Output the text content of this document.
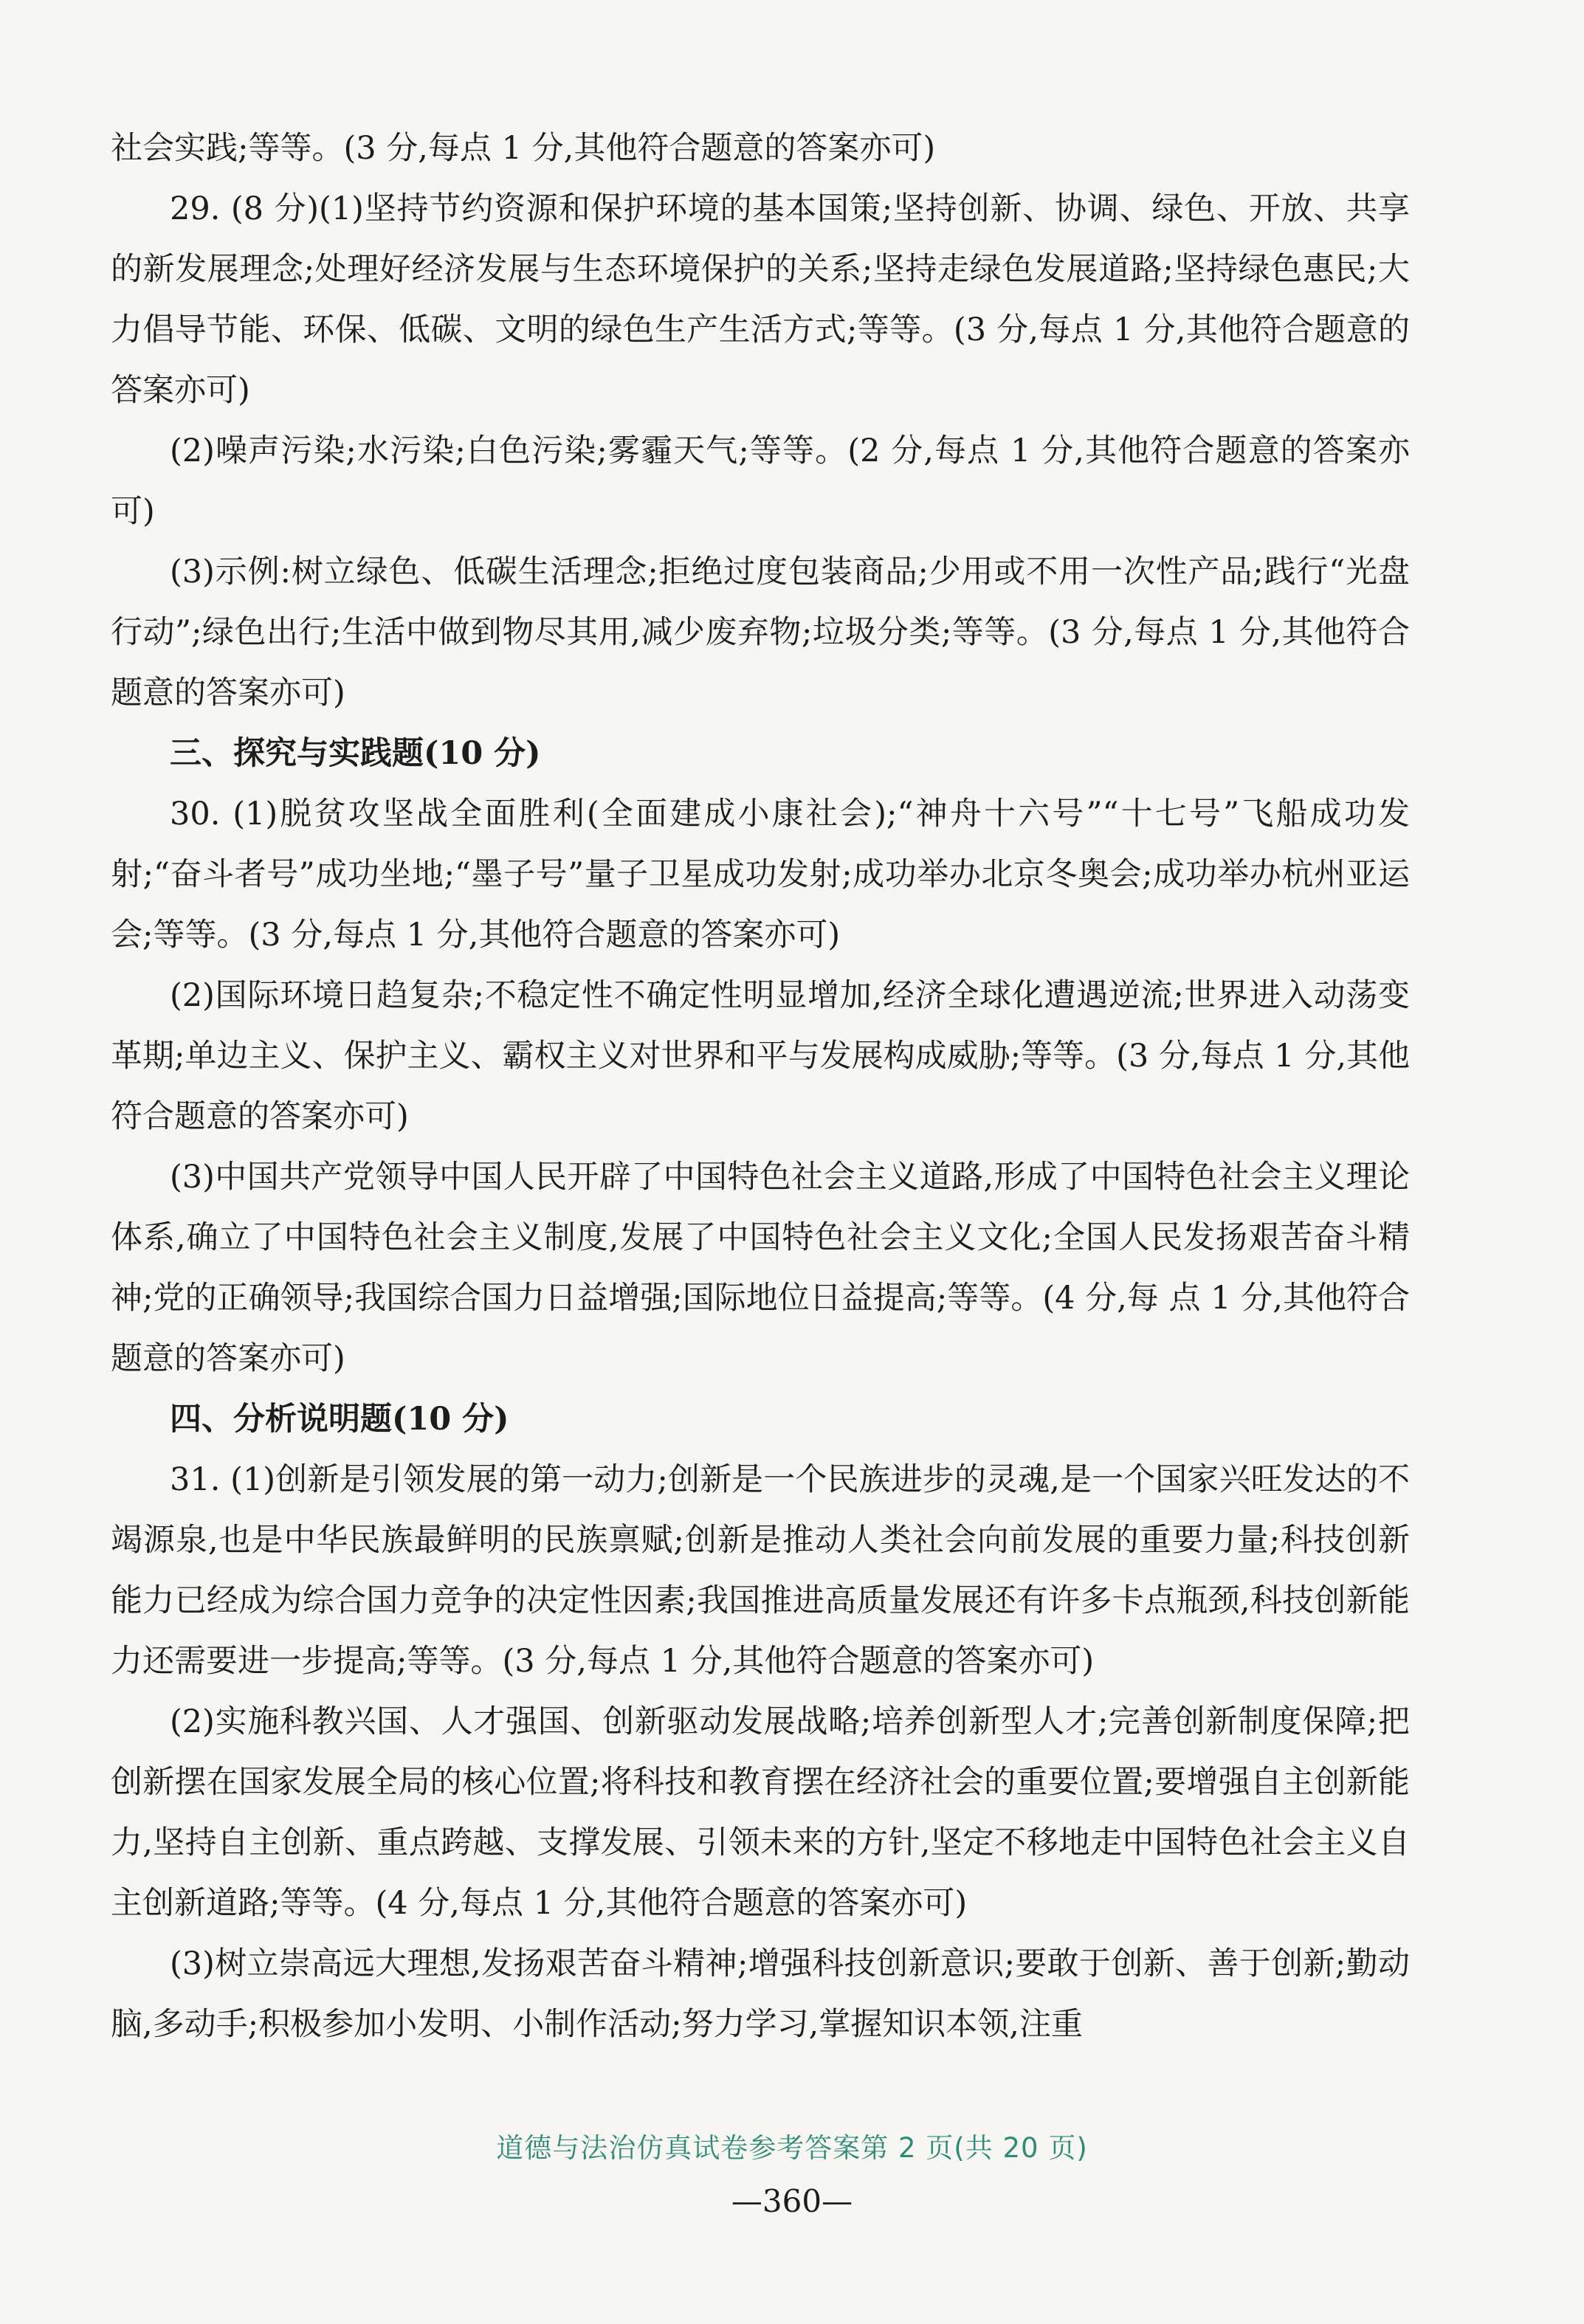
社会实践;等等。(3 分,每点 1 分,其他符合题意的答案亦可)

29. (8 分)(1)坚持节约资源和保护环境的基本国策;坚持创新、协调、绿色、开放、共享的新发展理念;处理好经济发展与生态环境保护的关系;坚持走绿色发展道路;坚持绿色惠民;大力倡导节能、环保、低碳、文明的绿色生产生活方式;等等。(3 分,每点 1 分,其他符合题意的答案亦可)

(2)噪声污染;水污染;白色污染;雾霾天气;等等。(2 分,每点 1 分,其他符合题意的答案亦可)

(3)示例:树立绿色、低碳生活理念;拒绝过度包装商品;少用或不用一次性产品;践行“光盘行动”;绿色出行;生活中做到物尽其用,减少废弃物;垃圾分类;等等。(3 分,每点 1 分,其他符合题意的答案亦可)

三、探究与实践题(10 分)

30. (1)脱贫攻坚战全面胜利(全面建成小康社会);“神舟十六号”“十七号”飞船成功发射;“奋斗者号”成功坐地;“墨子号”量子卫星成功发射;成功举办北京冬奥会;成功举办杭州亚运会;等等。(3 分,每点 1 分,其他符合题意的答案亦可)

(2)国际环境日趋复杂;不稳定性不确定性明显增加,经济全球化遭遇逆流;世界进入动荡变革期;单边主义、保护主义、霸权主义对世界和平与发展构成威胁;等等。(3 分,每点 1 分,其他符合题意的答案亦可)

(3)中国共产党领导中国人民开辟了中国特色社会主义道路,形成了中国特色社会主义理论体系,确立了中国特色社会主义制度,发展了中国特色社会主义文化;全国人民发扬艰苦奋斗精神;党的正确领导;我国综合国力日益增强;国际地位日益提高;等等。(4 分,每 点 1 分,其他符合题意的答案亦可)

四、分析说明题(10 分)

31. (1)创新是引领发展的第一动力;创新是一个民族进步的灵魂,是一个国家兴旺发达的不竭源泉,也是中华民族最鲜明的民族禀赋;创新是推动人类社会向前发展的重要力量;科技创新能力已经成为综合国力竞争的决定性因素;我国推进高质量发展还有许多卡点瓶颈,科技创新能力还需要进一步提高;等等。(3 分,每点 1 分,其他符合题意的答案亦可)

(2)实施科教兴国、人才强国、创新驱动发展战略;培养创新型人才;完善创新制度保障;把创新摆在国家发展全局的核心位置;将科技和教育摆在经济社会的重要位置;要增强自主创新能力,坚持自主创新、重点跨越、支撑发展、引领未来的方针,坚定不移地走中国特色社会主义自主创新道路;等等。(4 分,每点 1 分,其他符合题意的答案亦可)

(3)树立崇高远大理想,发扬艰苦奋斗精神;增强科技创新意识;要敢于创新、善于创新;勤动脑,多动手;积极参加小发明、小制作活动;努力学习,掌握知识本领,注重

道德与法治仿真试卷参考答案第 2 页(共 20 页)
—360—
